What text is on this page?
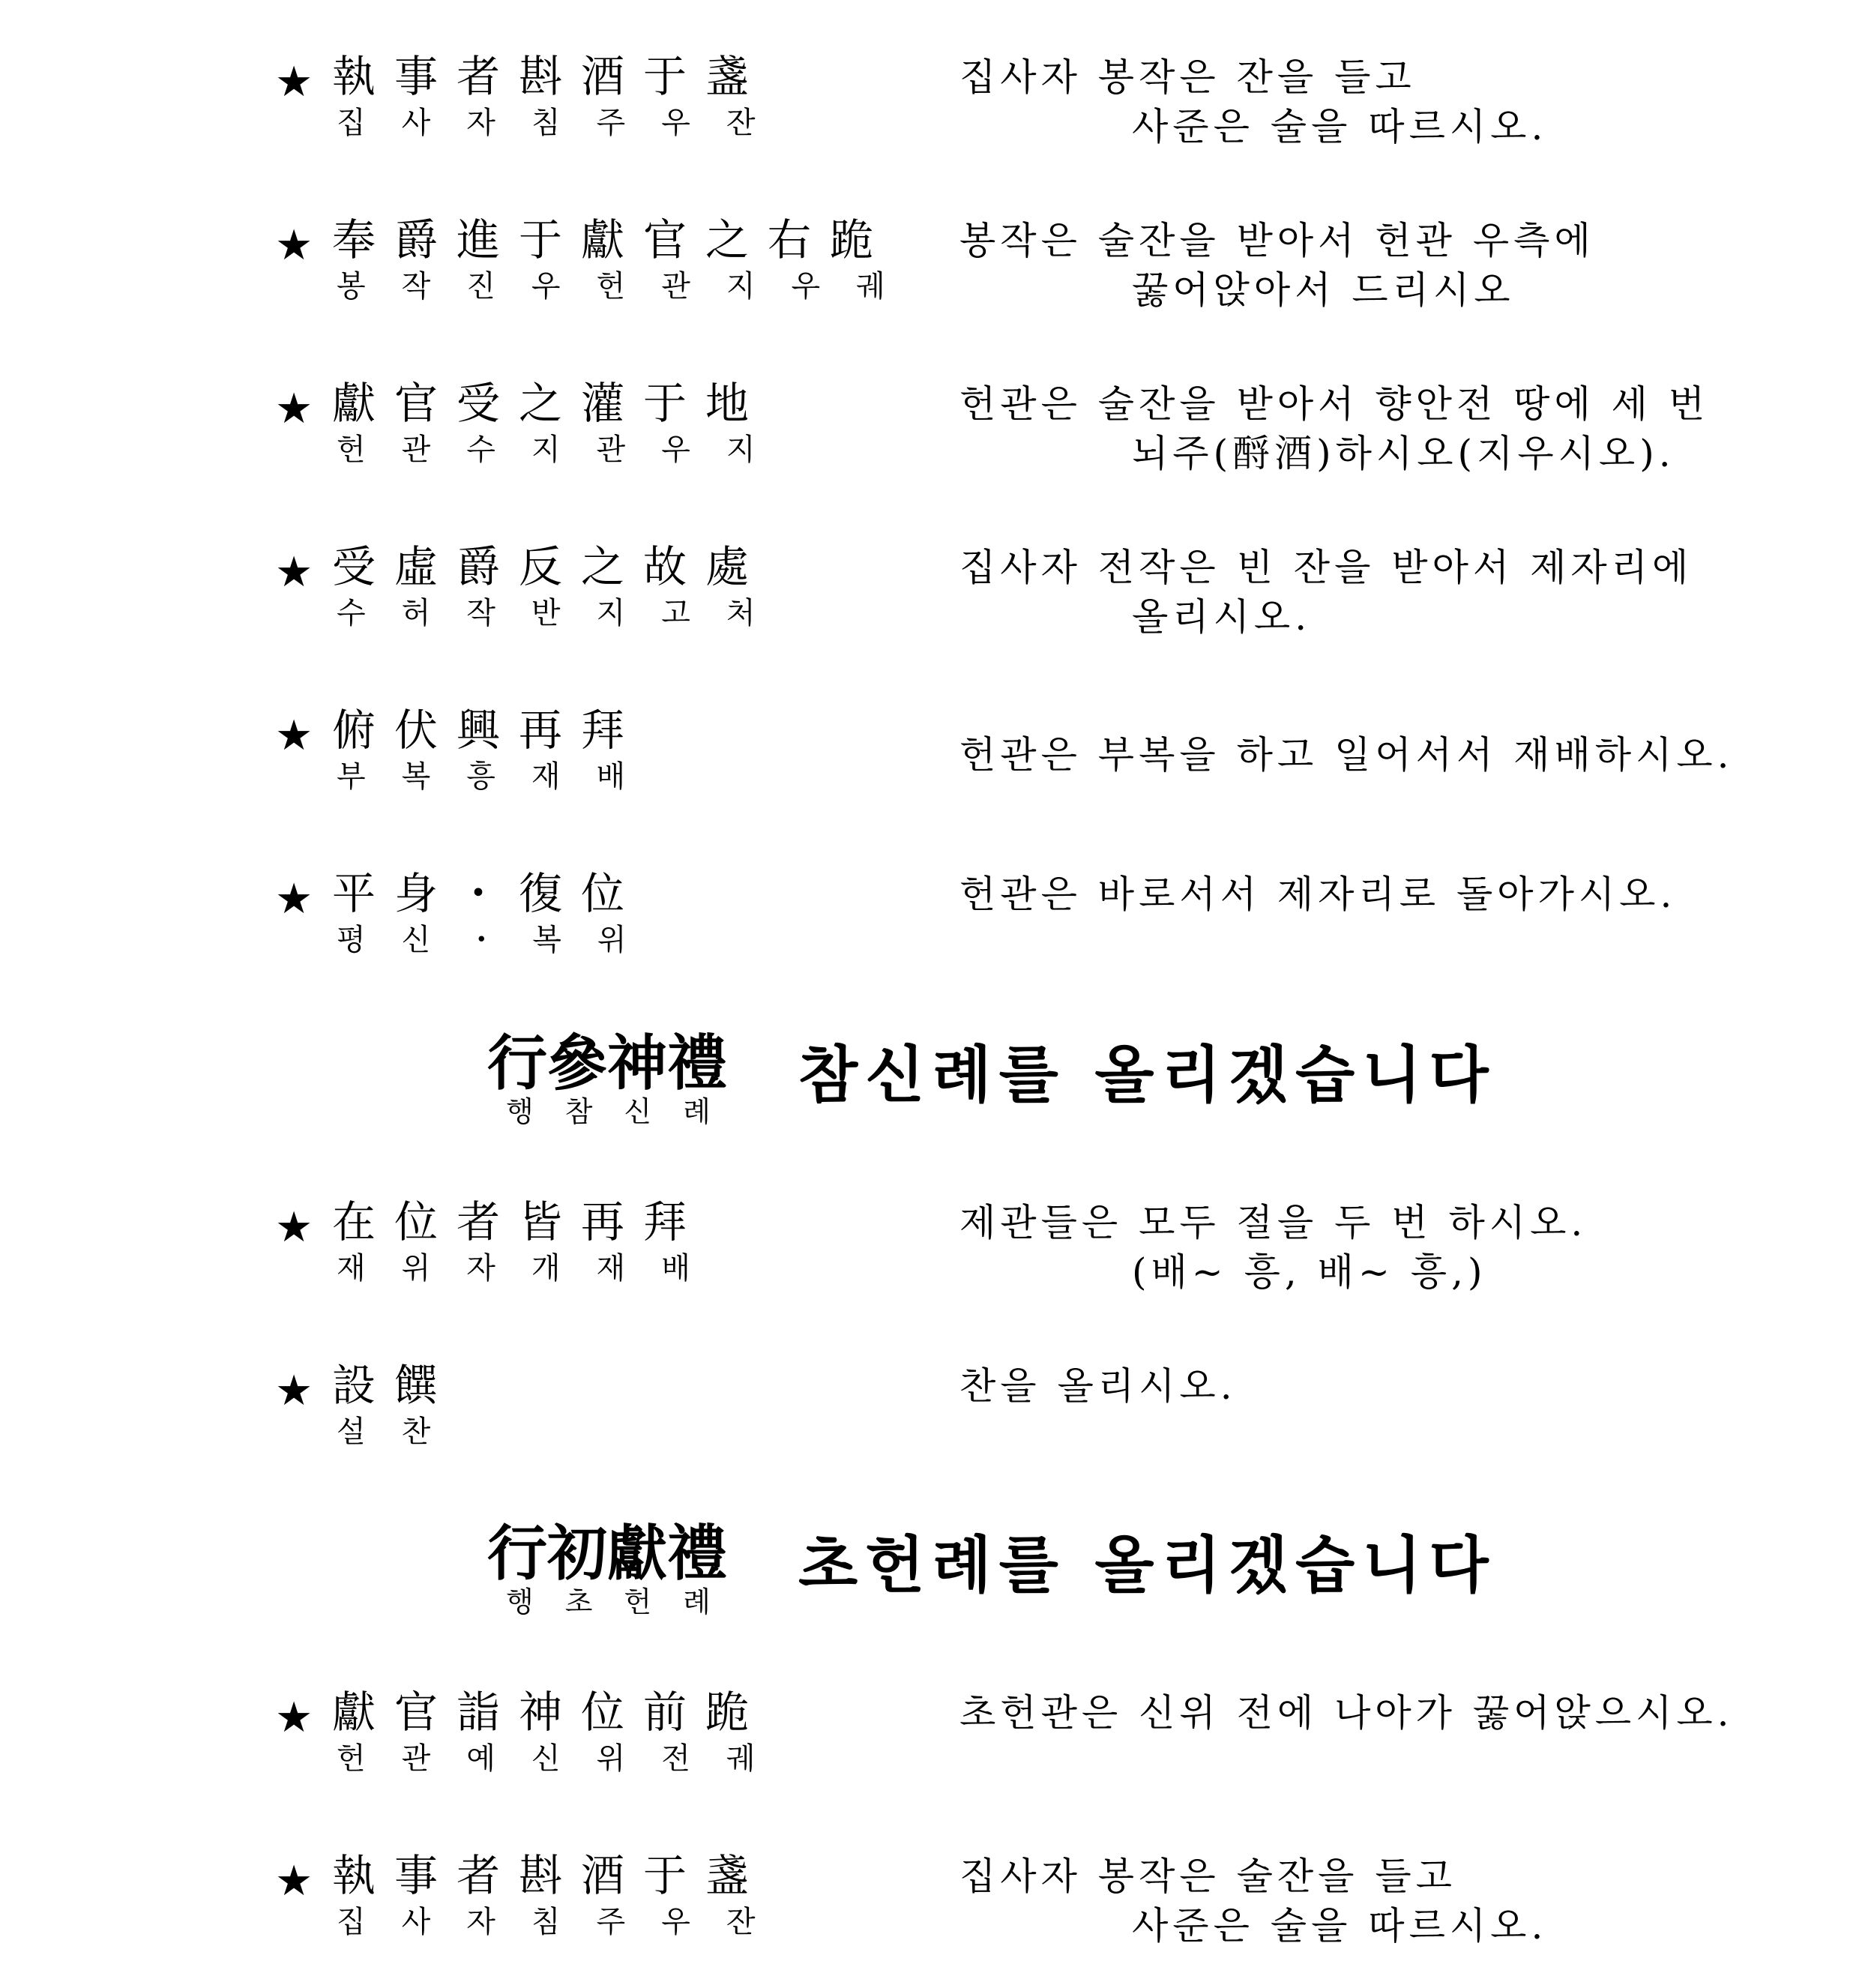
★ 執事者斟酒于盞
집사자침주우잔
집사자 봉작은 잔을 들고
사준은 술을 따르시오.
★ 奉爵進于獻官之右跪
봉작진우헌관지우궤
봉작은 술잔을 받아서 헌관 우측에
꿇어앉아서 드리시오
★ 獻官受之灌于地
헌관수지관우지
헌관은 술잔을 받아서 향안전 땅에 세 번
뇌주(酹酒)하시오(지우시오).
★ 受虛爵反之故處
수허작반지고처
집사자 전작은 빈 잔을 받아서 제자리에
올리시오.
★ 俯伏興再拜
부복흥재배	헌관은 부복을 하고 일어서서 재배하시오.
★ 平身・復位
평신・복위
헌관은 바로서서 제자리로 돌아가시오.
行參神禮
행참신례
참신례를 올리겠습니다
★ 在位者皆再拜
재위자개재배
제관들은 모두 절을 두 번 하시오.
(배~ 흥, 배~ 흥,)
★ 設饌
설찬
찬을 올리시오.
行初獻禮
행초헌례
초헌례를 올리겠습니다
★ 獻官詣神位前跪
헌관예신위전궤
초헌관은 신위 전에 나아가 꿇어앉으시오.
★ 執事者斟酒于盞
집사자침주우잔
집사자 봉작은 술잔을 들고
사준은 술을 따르시오.
